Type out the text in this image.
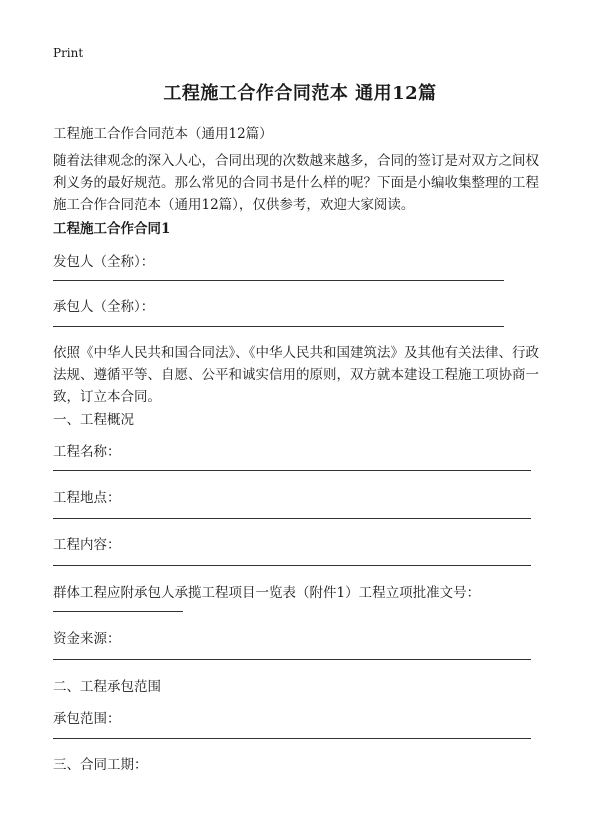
Print
工程施工合作合同范本 通用12篇
工程施工合作合同范本（通用12篇）
随着法律观念的深入人心，合同出现的次数越来越多，合同的签订是对双方之间权利义务的最好规范。那么常见的合同书是什么样的呢？下面是小编收集整理的工程施工合作合同范本（通用12篇），仅供参考，欢迎大家阅读。
工程施工合作合同1
发包人（全称）：
承包人（全称）：
依照《中华人民共和国合同法》、《中华人民共和国建筑法》及其他有关法律、行政法规、遵循平等、自愿、公平和诚实信用的原则，双方就本建设工程施工项协商一致，订立本合同。
一、工程概况
工程名称：
工程地点：
工程内容：
群体工程应附承包人承揽工程项目一览表（附件1）工程立项批准文号：
资金来源：
二、工程承包范围
承包范围：
三、合同工期：
